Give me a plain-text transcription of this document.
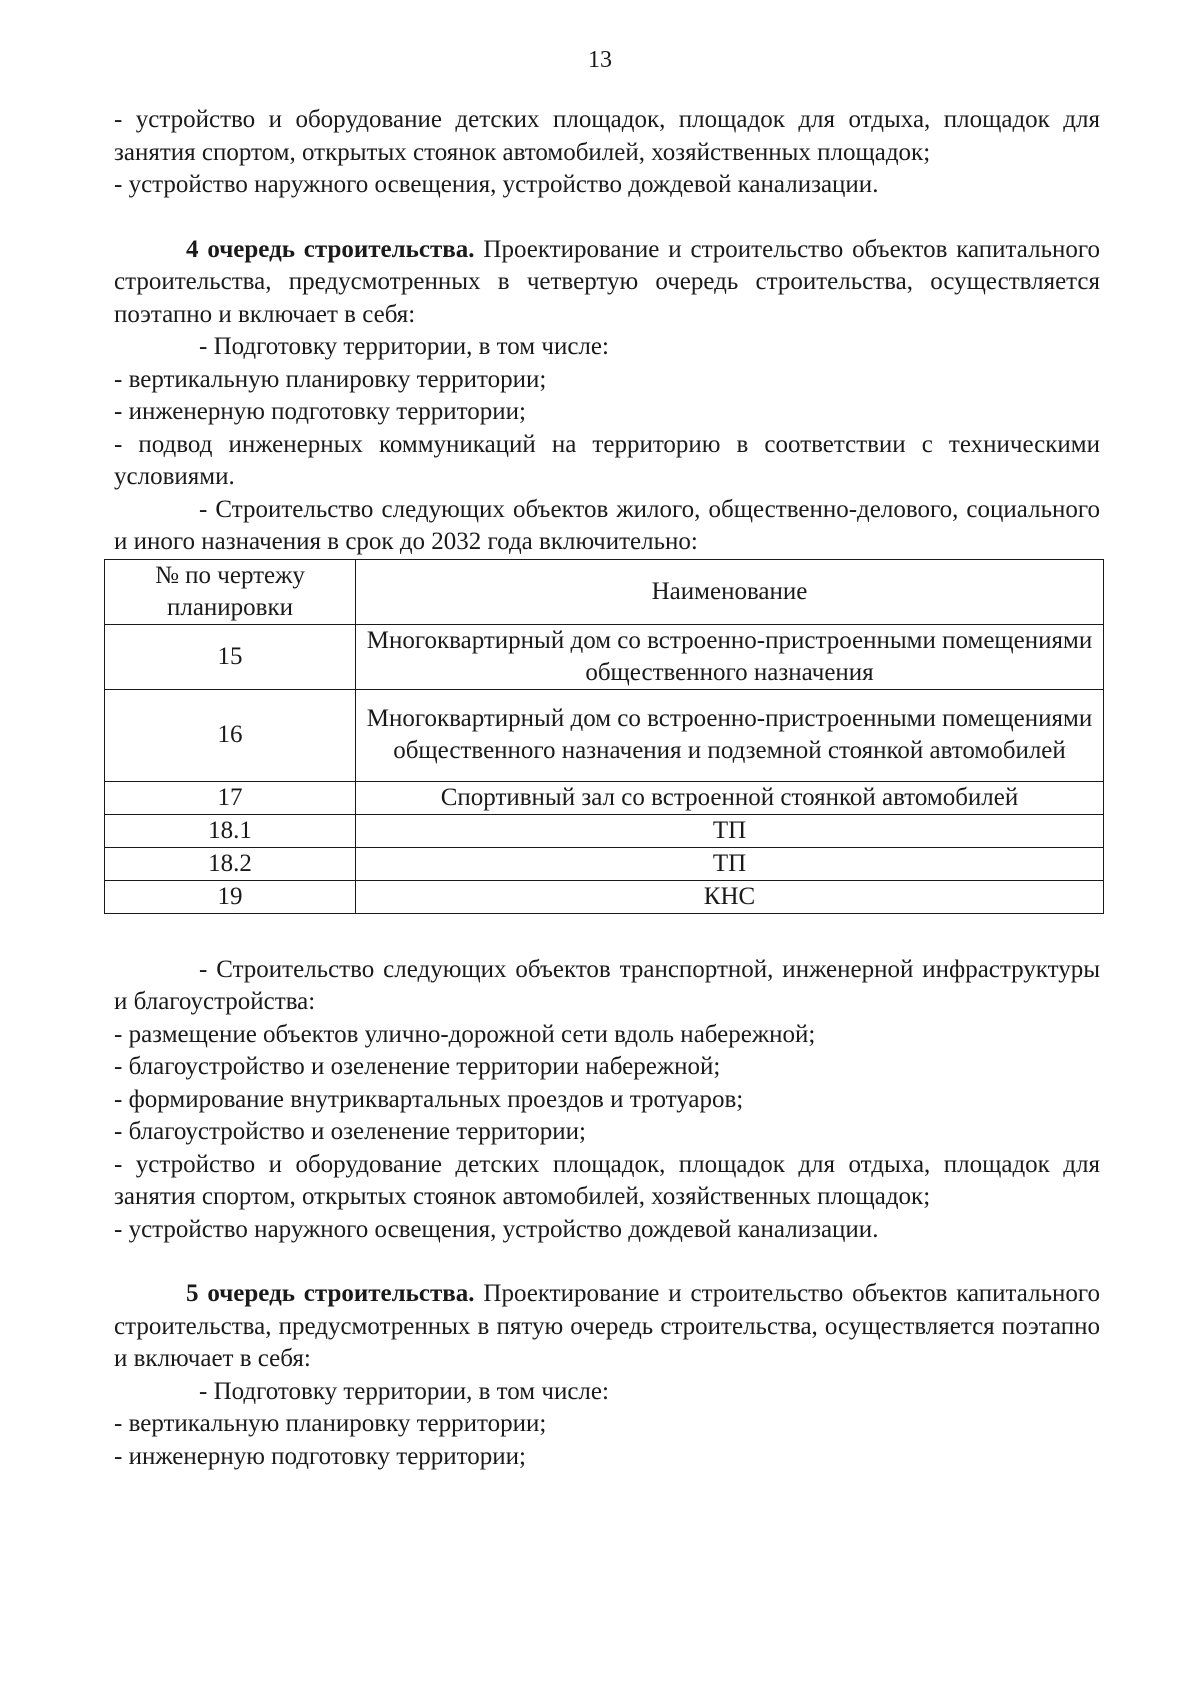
13

- устройство и оборудование детских площадок, площадок для отдыха, площадок для занятия спортом, открытых стоянок автомобилей, хозяйственных площадок;

- устройство наружного освещения, устройство дождевой канализации.

4 очередь строительства. Проектирование и строительство объектов капитального строительства, предусмотренных в четвертую очередь строительства, осуществляется поэтапно и включает в себя:

- Подготовку территории, в том числе:

- вертикальную планировку территории;

- инженерную подготовку территории;

- подвод инженерных коммуникаций на территорию в соответствии с техническими условиями.

- Строительство следующих объектов жилого, общественно-делового, социального и иного назначения в срок до 2032 года включительно:

№ по чертежу планировки	Наименование
15	Многоквартирный дом со встроенно-пристроенными помещениями общественного назначения
16	Многоквартирный дом со встроенно-пристроенными помещениями общественного назначения и подземной стоянкой автомобилей
17	Спортивный зал со встроенной стоянкой автомобилей
18.1	ТП
18.2	ТП
19	КНС

- Строительство следующих объектов транспортной, инженерной инфраструктуры и благоустройства:

- размещение объектов улично-дорожной сети вдоль набережной;

- благоустройство и озеленение территории набережной;

- формирование внутриквартальных проездов и тротуаров;

- благоустройство и озеленение территории;

- устройство и оборудование детских площадок, площадок для отдыха, площадок для занятия спортом, открытых стоянок автомобилей, хозяйственных площадок;

- устройство наружного освещения, устройство дождевой канализации.

5 очередь строительства. Проектирование и строительство объектов капитального строительства, предусмотренных в пятую очередь строительства, осуществляется поэтапно и включает в себя:

- Подготовку территории, в том числе:

- вертикальную планировку территории;

- инженерную подготовку территории;
